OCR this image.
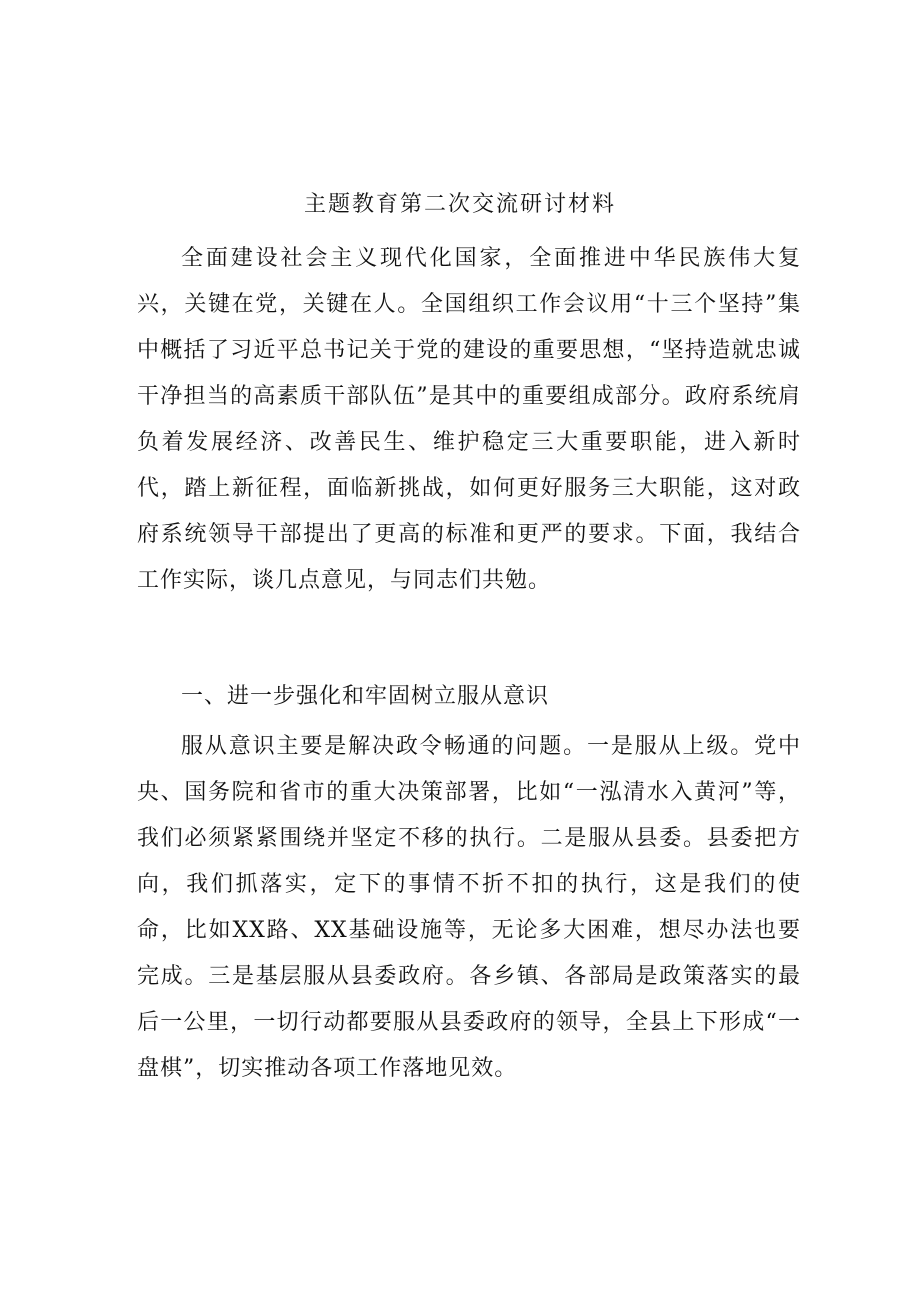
主题教育第二次交流研讨材料
全面建设社会主义现代化国家，全面推进中华民族伟大复兴，关键在党，关键在人。全国组织工作会议用“十三个坚持”集中概括了习近平总书记关于党的建设的重要思想，“坚持造就忠诚干净担当的高素质干部队伍”是其中的重要组成部分。政府系统肩负着发展经济、改善民生、维护稳定三大重要职能，进入新时代，踏上新征程，面临新挑战，如何更好服务三大职能，这对政府系统领导干部提出了更高的标准和更严的要求。下面，我结合工作实际，谈几点意见，与同志们共勉。
一、进一步强化和牢固树立服从意识
服从意识主要是解决政令畅通的问题。一是服从上级。党中央、国务院和省市的重大决策部署，比如“一泓清水入黄河”等，我们必须紧紧围绕并坚定不移的执行。二是服从县委。县委把方向，我们抓落实，定下的事情不折不扣的执行，这是我们的使命，比如XX路、XX基础设施等，无论多大困难，想尽办法也要完成。三是基层服从县委政府。各乡镇、各部局是政策落实的最后一公里，一切行动都要服从县委政府的领导，全县上下形成“一盘棋”，切实推动各项工作落地见效。
